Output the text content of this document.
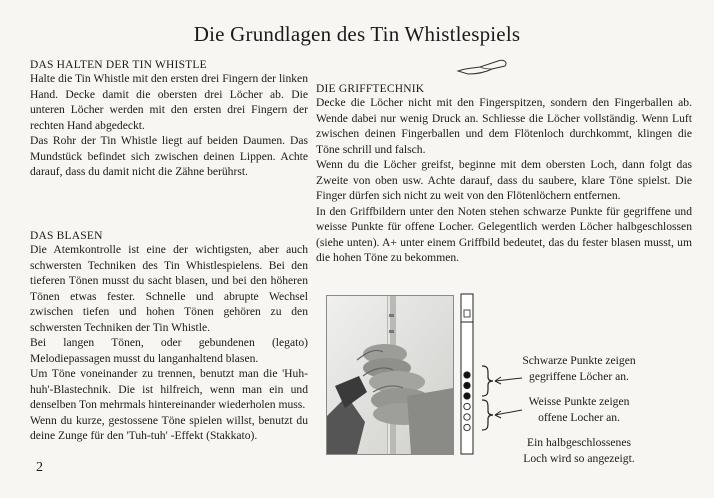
Die Grundlagen des Tin Whistlespiels
DAS HALTEN DER TIN WHISTLE

Halte die Tin Whistle mit den ersten drei Fingern der linken Hand. Decke damit die obersten drei Löcher ab. Die unteren Löcher werden mit den ersten drei Fingern der rechten Hand abgedeckt.

Das Rohr der Tin Whistle liegt auf beiden Daumen. Das Mundstück befindet sich zwischen deinen Lippen. Achte darauf, dass du damit nicht die Zähne berührst.

DAS BLASEN

Die Atemkontrolle ist eine der wichtigsten, aber auch schwersten Techniken des Tin Whistlespielens. Bei den tieferen Tönen musst du sacht blasen, und bei den höheren Tönen etwas fester. Schnelle und abrupte Wechsel zwischen tiefen und hohen Tönen gehören zu den schwersten Techniken der Tin Whistle.

Bei langen Tönen, oder gebundenen (legato) Melodiepassagen musst du langanhaltend blasen.

Um Töne voneinander zu trennen, benutzt man die 'Huh-huh'-Blastechnik. Die ist hilfreich, wenn man ein und denselben Ton mehrmals hintereinander wiederholen muss.

Wenn du kurze, gestossene Töne spielen willst, benutzt du deine Zunge für den 'Tuh-tuh' -Effekt (Stakkato).

DIE GRIFFTECHNIK

Decke die Löcher nicht mit den Fingerspitzen, sondern den Fingerballen ab. Wende dabei nur wenig Druck an. Schliesse die Löcher vollständig. Wenn Luft zwischen deinen Fingerballen und dem Flötenloch durchkommt, klingen die Töne schrill und falsch.

Wenn du die Löcher greifst, beginne mit dem obersten Loch, dann folgt das Zweite von oben usw. Achte darauf, dass du saubere, klare Töne spielst. Die Finger dürfen sich nicht zu weit von den Flötenlöchern entfernen.

In den Griffbildern unter den Noten stehen schwarze Punkte für gegriffene und weisse Punkte für offene Locher. Gelegentlich werden Löcher halbgeschlossen (siehe unten). A+ unter einem Griffbild bedeutet, das du fester blasen musst, um die hohen Töne zu bekommen.

Schwarze Punkte zeigen gegriffene Löcher an.
Weisse Punkte zeigen offene Locher an.
Ein halbgeschlossenes Loch wird so angezeigt.
2
